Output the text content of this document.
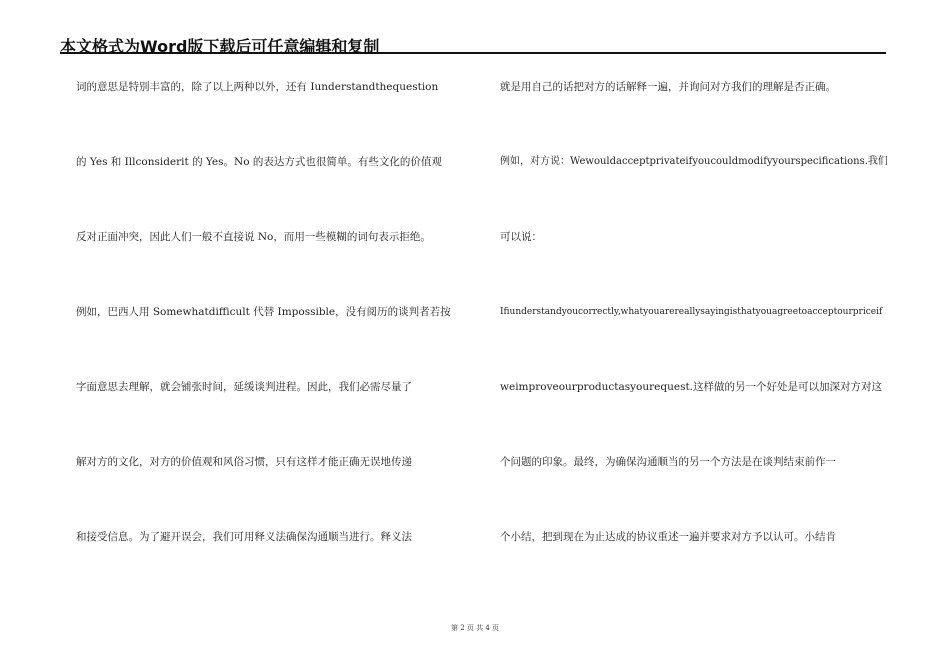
本文格式为Word版下载后可任意编辑和复制
词的意思是特别丰富的，除了以上两种以外，还有 Iunderstandthequestion
的 Yes 和 Illconsiderit 的 Yes。No 的表达方式也很简单。有些文化的价值观
反对正面冲突，因此人们一般不直接说 No，而用一些模糊的词句表示拒绝。
例如，巴西人用 Somewhatdifficult 代替 Impossible，没有阅历的谈判者若按
字面意思去理解，就会铺张时间，延缓谈判进程。因此，我们必需尽量了
解对方的文化，对方的价值观和风俗习惯，只有这样才能正确无误地传递
和接受信息。为了避开误会，我们可用释义法确保沟通顺当进行。释义法
就是用自己的话把对方的话解释一遍，并询问对方我们的理解是否正确。
例如，对方说：Wewouldacceptprivateifyoucouldmodifyyourspecifications.我们
可以说：
Ifiunderstandyoucorrectly,whatyouarereallysayingisthatyouagreetoacceptourpriceif
weimproveourproductasyourequest.这样做的另一个好处是可以加深对方对这
个问题的印象。最终，为确保沟通顺当的另一个方法是在谈判结束前作一
个小结，把到现在为止达成的协议重述一遍并要求对方予以认可。小结肯
第 2 页 共 4 页
